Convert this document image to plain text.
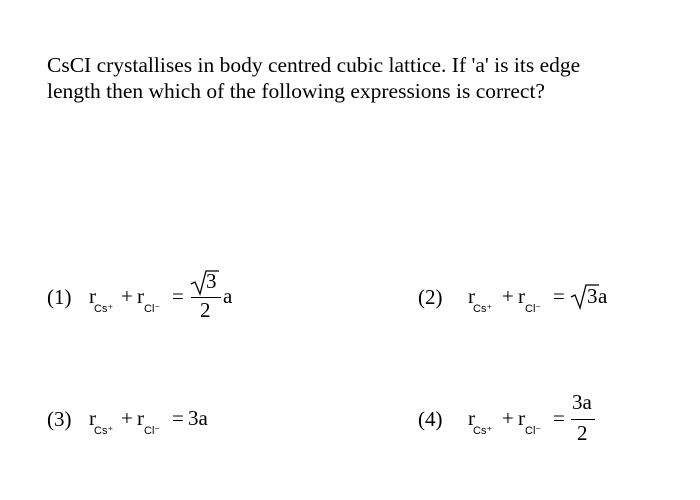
CsCI crystallises in body centred cubic lattice. If 'a' is its edge
length then which of the following expressions is correct?
(1) r
Cs⁺
+ r
Cl⁻
=
3
2
a	(2) r
Cs⁺
+ r
Cl⁻
= 3 a
(3) r
Cs⁺
+ r
Cl⁻
= 3a	(4) r
Cs⁺
+ r
Cl⁻
=
3a
2
